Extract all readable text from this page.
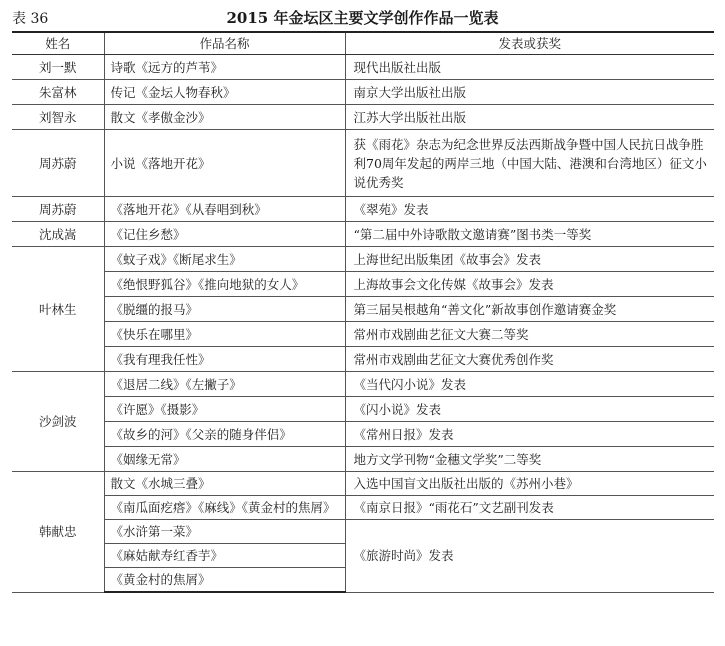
表 36	2015 年金坛区主要文学创作作品一览表
姓名	作品名称	发表或获奖
刘一默	诗歌《远方的芦苇》	现代出版社出版
朱富林	传记《金坛人物春秋》	南京大学出版社出版
刘智永	散文《孝傲金沙》	江苏大学出版社出版
周苏蔚	小说《落地开花》	获《雨花》杂志为纪念世界反法西斯战争暨中国人民抗日战争胜利70周年发起的两岸三地（中国大陆、港澳和台湾地区）征文小说优秀奖
周苏蔚	《落地开花》《从春唱到秋》	《翠苑》发表
沈成嵩	《记住乡愁》	“第二届中外诗歌散文邀请赛”图书类一等奖
叶林生	《蚊子戏》《断尾求生》	上海世纪出版集团《故事会》发表
	《绝恨野狐谷》《推向地狱的女人》	上海故事会文化传媒《故事会》发表
	《脱缰的报马》	第三届吴根越角“善文化”新故事创作邀请赛金奖
	《快乐在哪里》	常州市戏剧曲艺征文大赛二等奖
	《我有理我任性》	常州市戏剧曲艺征文大赛优秀创作奖
沙剑波	《退居二线》《左撇子》	《当代闪小说》发表
	《许愿》《摄影》	《闪小说》发表
	《故乡的河》《父亲的随身伴侣》	《常州日报》发表
	《姻缘无常》	地方文学刊物“金穗文学奖”二等奖
韩献忠	散文《水城三叠》	入选中国盲文出版社出版的《苏州小巷》
	《南瓜面疙瘩》《麻线》《黄金村的焦屑》	《南京日报》“雨花石”文艺副刊发表
	《水浒第一菜》	《旅游时尚》发表
	《麻姑献寿红香芋》	
	《黄金村的焦屑》	
